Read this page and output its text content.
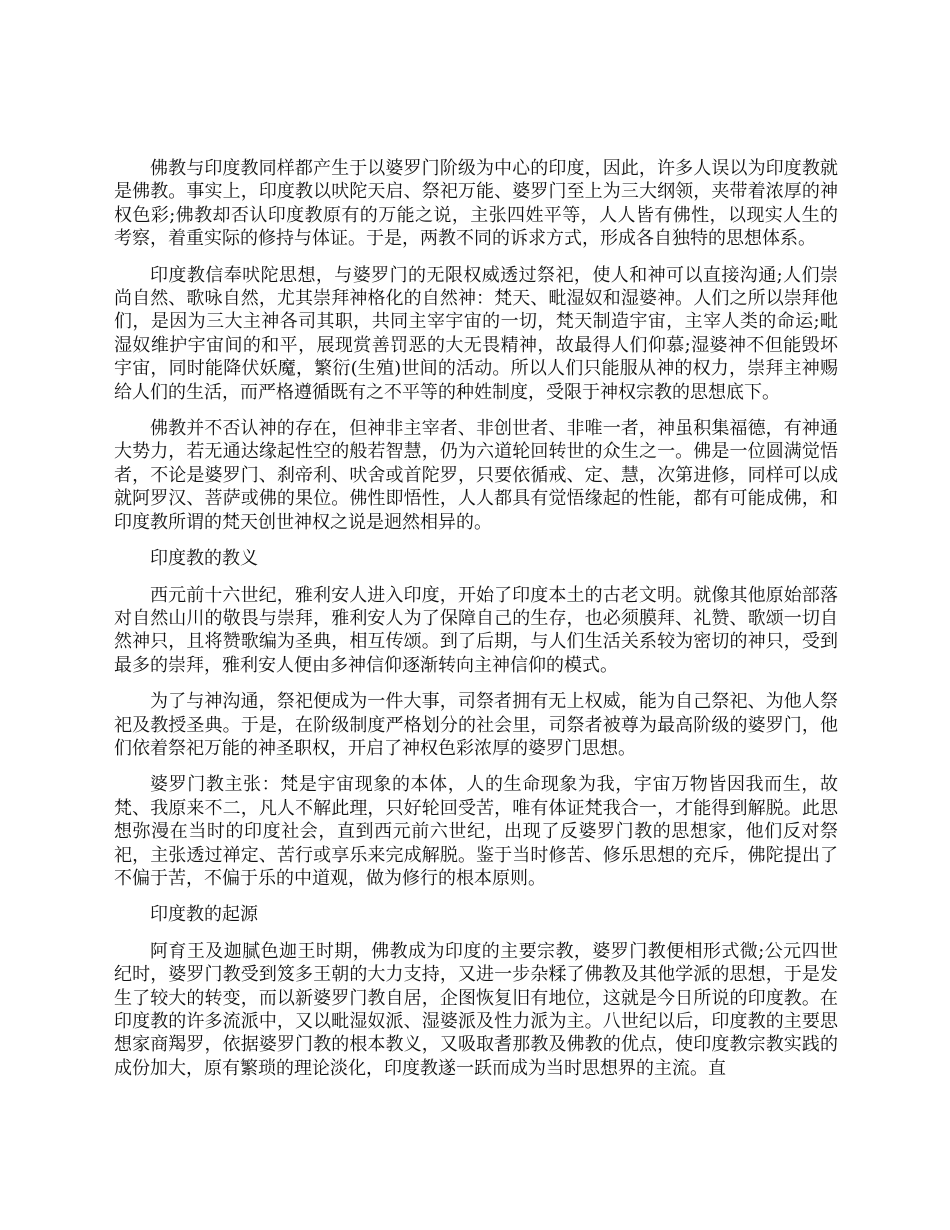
佛教与印度教同样都产生于以婆罗门阶级为中心的印度，因此，许多人误以为印度教就是佛教。事实上，印度教以吠陀天启、祭祀万能、婆罗门至上为三大纲领，夹带着浓厚的神权色彩;佛教却否认印度教原有的万能之说，主张四姓平等，人人皆有佛性，以现实人生的考察，着重实际的修持与体证。于是，两教不同的诉求方式，形成各自独特的思想体系。

印度教信奉吠陀思想，与婆罗门的无限权威透过祭祀，使人和神可以直接沟通;人们崇尚自然、歌咏自然，尤其崇拜神格化的自然神：梵天、毗湿奴和湿婆神。人们之所以崇拜他们，是因为三大主神各司其职，共同主宰宇宙的一切，梵天制造宇宙，主宰人类的命运;毗湿奴维护宇宙间的和平，展现赏善罚恶的大无畏精神，故最得人们仰慕;湿婆神不但能毁坏宇宙，同时能降伏妖魔，繁衍(生殖)世间的活动。所以人们只能服从神的权力，崇拜主神赐给人们的生活，而严格遵循既有之不平等的种姓制度，受限于神权宗教的思想底下。

佛教并不否认神的存在，但神非主宰者、非创世者、非唯一者，神虽积集福德，有神通大势力，若无通达缘起性空的般若智慧，仍为六道轮回转世的众生之一。佛是一位圆满觉悟者，不论是婆罗门、刹帝利、吠舍或首陀罗，只要依循戒、定、慧，次第进修，同样可以成就阿罗汉、菩萨或佛的果位。佛性即悟性，人人都具有觉悟缘起的性能，都有可能成佛，和印度教所谓的梵天创世神权之说是迥然相异的。

印度教的教义

西元前十六世纪，雅利安人进入印度，开始了印度本土的古老文明。就像其他原始部落对自然山川的敬畏与崇拜，雅利安人为了保障自己的生存，也必须膜拜、礼赞、歌颂一切自然神只，且将赞歌编为圣典，相互传颂。到了后期，与人们生活关系较为密切的神只，受到最多的崇拜，雅利安人便由多神信仰逐渐转向主神信仰的模式。

为了与神沟通，祭祀便成为一件大事，司祭者拥有无上权威，能为自己祭祀、为他人祭祀及教授圣典。于是，在阶级制度严格划分的社会里，司祭者被尊为最高阶级的婆罗门，他们依着祭祀万能的神圣职权，开启了神权色彩浓厚的婆罗门思想。

婆罗门教主张：梵是宇宙现象的本体，人的生命现象为我，宇宙万物皆因我而生，故梵、我原来不二，凡人不解此理，只好轮回受苦，唯有体证梵我合一，才能得到解脱。此思想弥漫在当时的印度社会，直到西元前六世纪，出现了反婆罗门教的思想家，他们反对祭祀，主张透过禅定、苦行或享乐来完成解脱。鉴于当时修苦、修乐思想的充斥，佛陀提出了不偏于苦，不偏于乐的中道观，做为修行的根本原则。

印度教的起源

阿育王及迦腻色迦王时期，佛教成为印度的主要宗教，婆罗门教便相形式微;公元四世纪时，婆罗门教受到笈多王朝的大力支持，又进一步杂糅了佛教及其他学派的思想，于是发生了较大的转变，而以新婆罗门教自居，企图恢复旧有地位，这就是今日所说的印度教。在印度教的许多流派中，又以毗湿奴派、湿婆派及性力派为主。八世纪以后，印度教的主要思想家商羯罗，依据婆罗门教的根本教义，又吸取耆那教及佛教的优点，使印度教宗教实践的成份加大，原有繁琐的理论淡化，印度教遂一跃而成为当时思想界的主流。直
